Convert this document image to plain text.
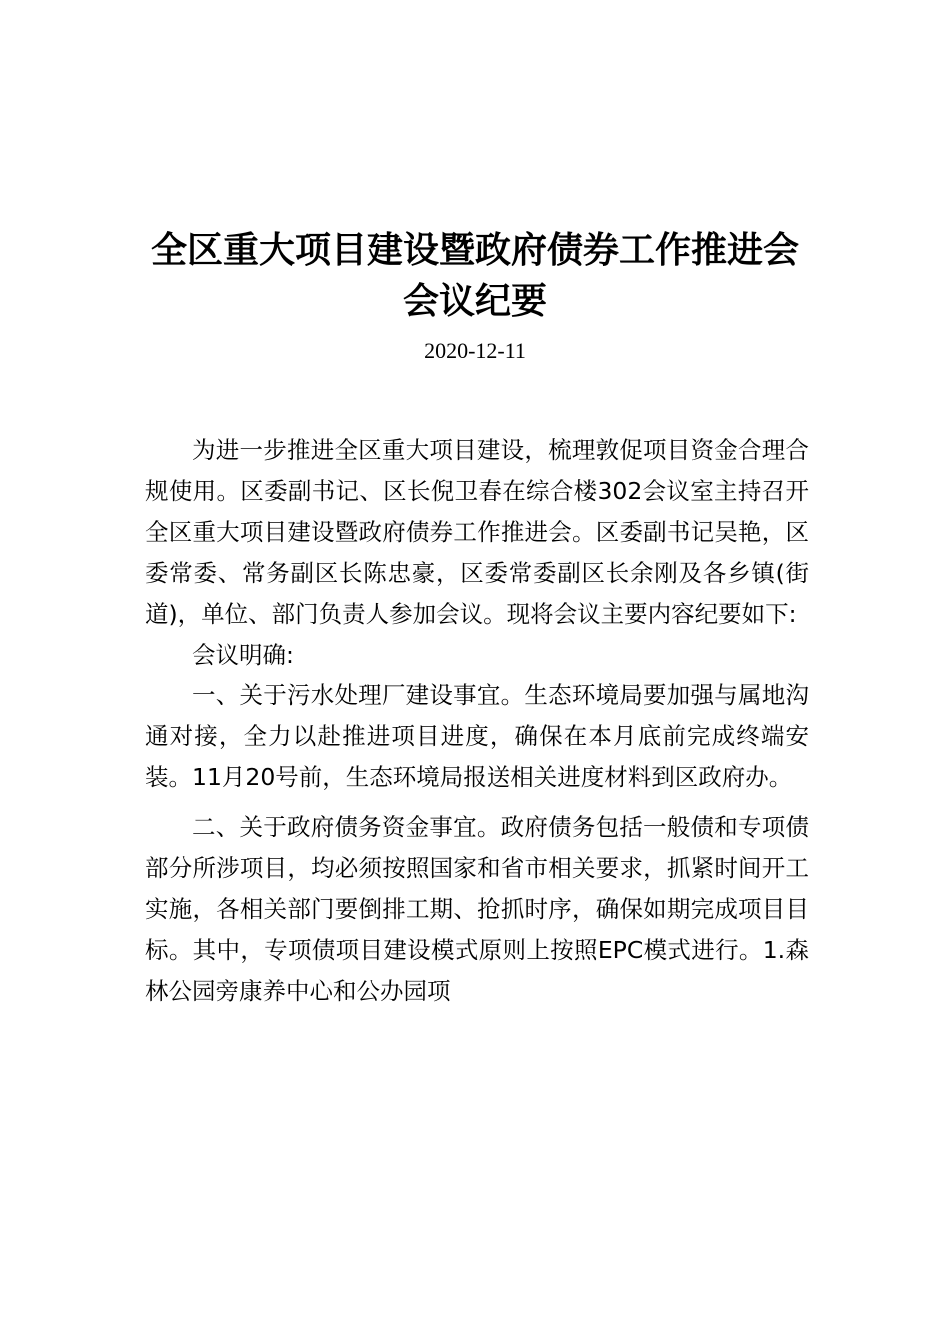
全区重大项目建设暨政府债券工作推进会
会议纪要
2020-12-11

为进一步推进全区重大项目建设，梳理敦促项目资金合理合规使用。区委副书记、区长倪卫春在综合楼302会议室主持召开全区重大项目建设暨政府债券工作推进会。区委副书记吴艳，区委常委、常务副区长陈忠豪，区委常委副区长余刚及各乡镇(街道)，单位、部门负责人参加会议。现将会议主要内容纪要如下:

会议明确:

一、关于污水处理厂建设事宜。生态环境局要加强与属地沟通对接，全力以赴推进项目进度，确保在本月底前完成终端安装。11月20号前，生态环境局报送相关进度材料到区政府办。

二、关于政府债务资金事宜。政府债务包括一般债和专项债部分所涉项目，均必须按照国家和省市相关要求，抓紧时间开工实施，各相关部门要倒排工期、抢抓时序，确保如期完成项目目标。其中，专项债项目建设模式原则上按照EPC模式进行。1.森林公园旁康养中心和公办园项
